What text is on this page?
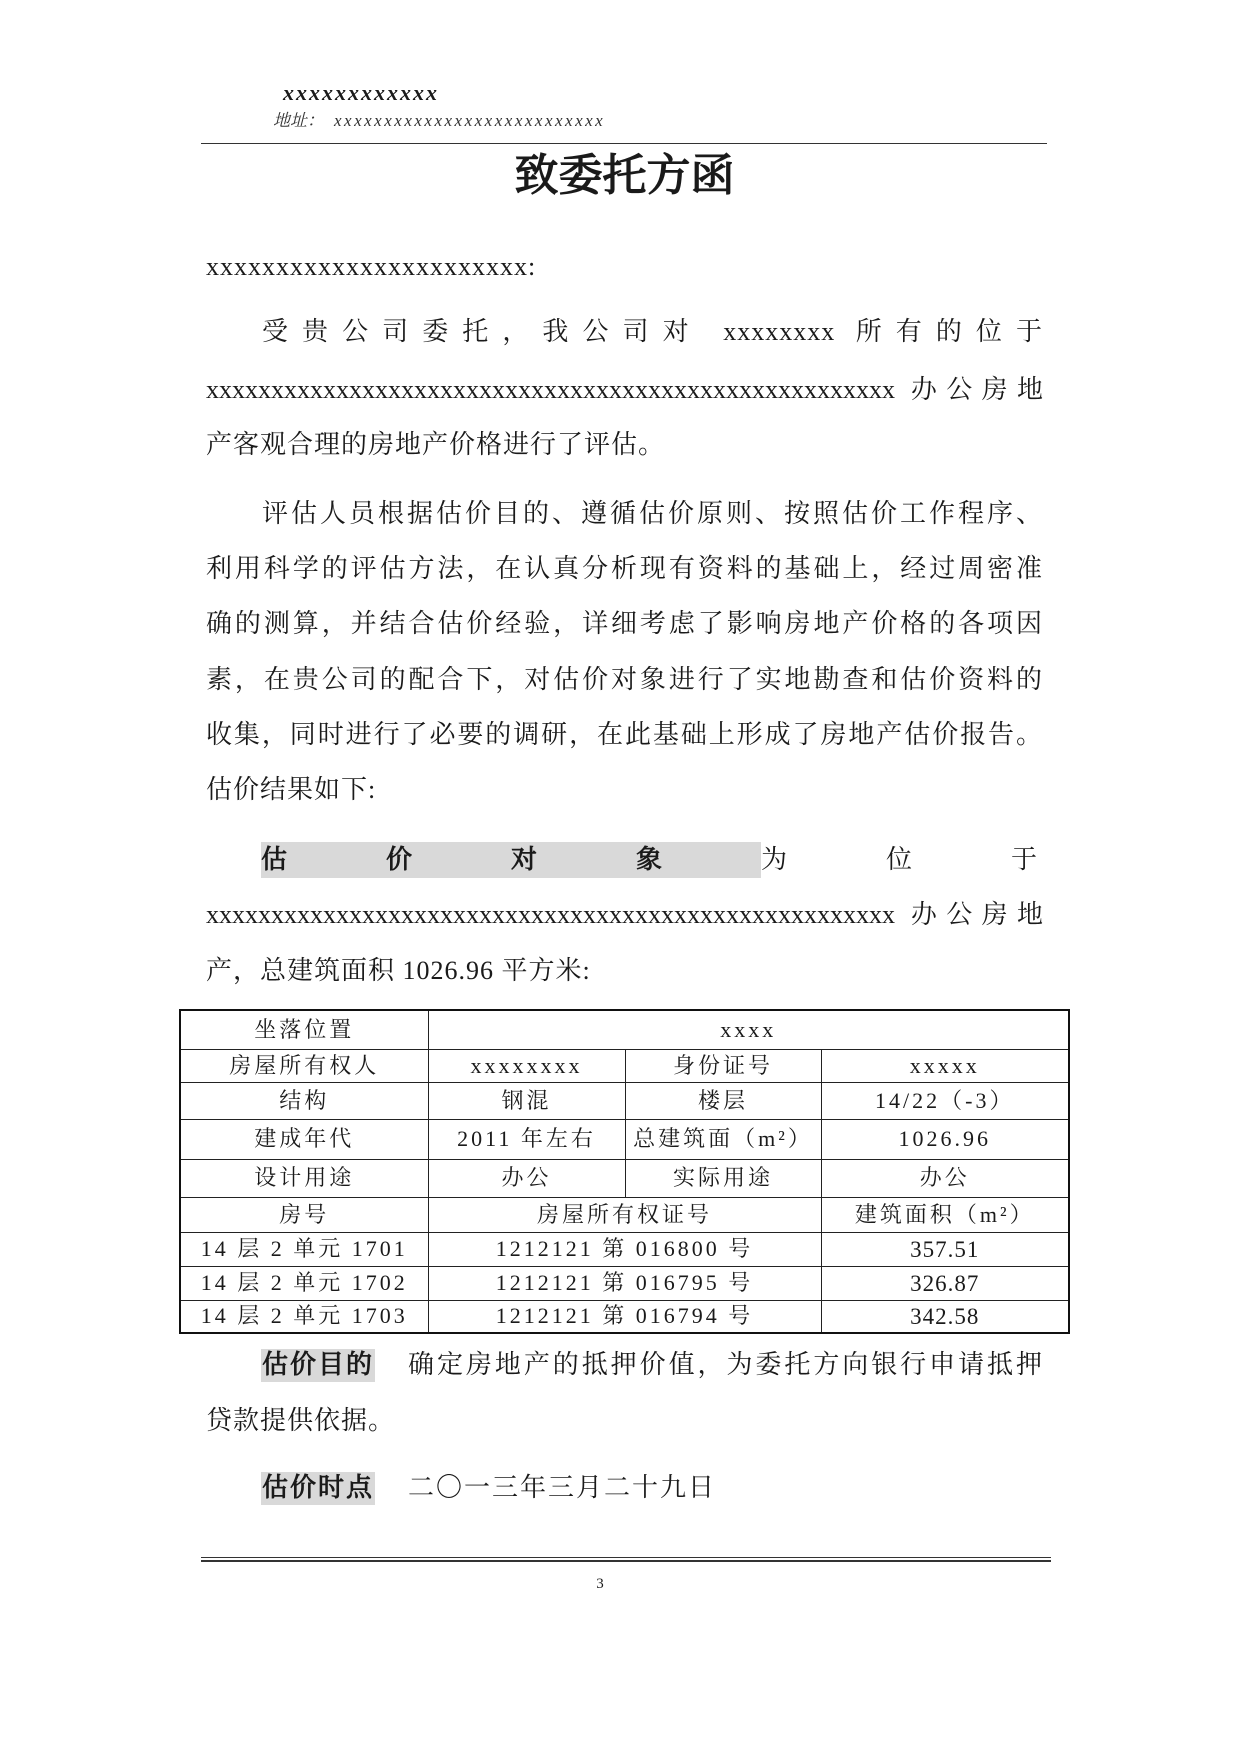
xxxxxxxxxxxx
地址： xxxxxxxxxxxxxxxxxxxxxxxxxxx
致委托方函
xxxxxxxxxxxxxxxxxxxxxxx:
受贵公司委托，我公司对 xxxxxxxx 所有的位于
xxxxxxxxxxxxxxxxxxxxxxxxxxxxxxxxxxxxxxxxxxxxxxxxxxxxx 办公房地
产客观合理的房地产价格进行了评估。
评估人员根据估价目的、遵循估价原则、按照估价工作程序、
利用科学的评估方法，在认真分析现有资料的基础上，经过周密准
确的测算，并结合估价经验，详细考虑了影响房地产价格的各项因
素，在贵公司的配合下，对估价对象进行了实地勘查和估价资料的
收集，同时进行了必要的调研，在此基础上形成了房地产估价报告。
估价结果如下:
估价对象为位于
xxxxxxxxxxxxxxxxxxxxxxxxxxxxxxxxxxxxxxxxxxxxxxxxxxxxx 办公房地
产，总建筑面积 1026.96 平方米:
坐落位置	xxxx		
房屋所有权人	xxxxxxxx	身份证号	xxxxx
结构	钢混	楼层	14/22（-3）
建成年代	2011 年左右	总建筑面（m²）	1026.96
设计用途	办公	实际用途	办公
房号	房屋所有权证号		建筑面积（m²）
14 层 2 单元 1701	1212121 第 016800 号		357.51
14 层 2 单元 1702	1212121 第 016795 号		326.87
14 层 2 单元 1703	1212121 第 016794 号		342.58
估价目的 确定房地产的抵押价值，为委托方向银行申请抵押
贷款提供依据。
估价时点 二〇一三年三月二十九日
3
